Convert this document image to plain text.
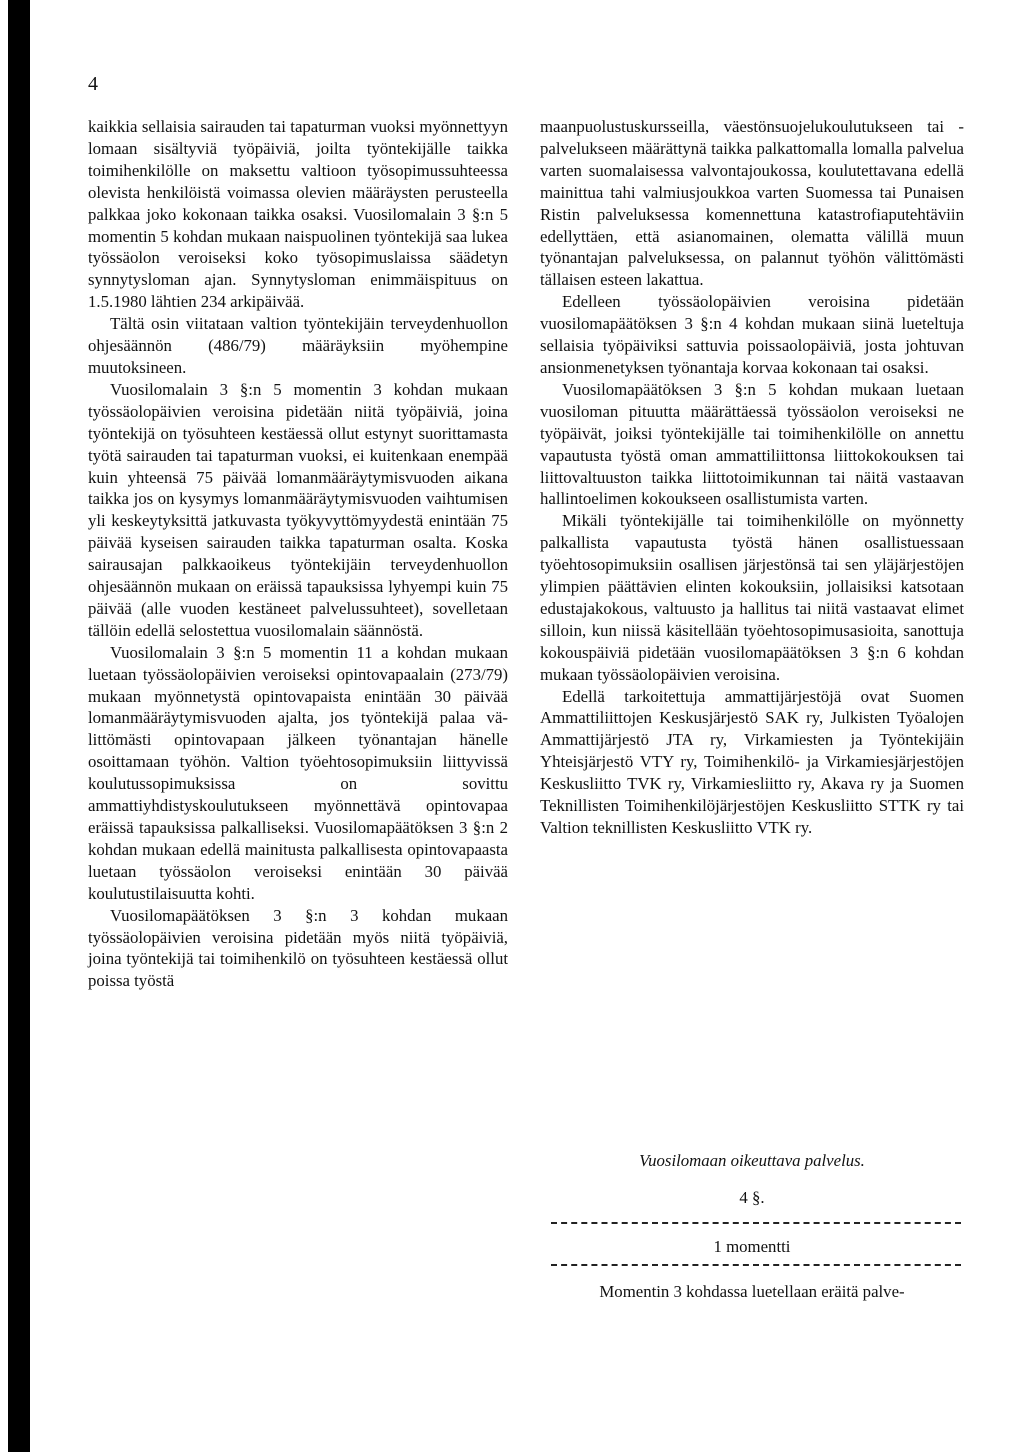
4

kaikkia sellaisia sairauden tai tapaturman vuoksi myönnettyyn lomaan sisältyviä työpäiviä, joilta työntekijälle taikka toimihenkilölle on maksettu valtioon työsopimussuhteessa olevista henkilöistä voimassa olevien määräysten perusteella palkkaa joko kokonaan taikka osaksi. Vuosilomalain 3 §:n 5 momentin 5 kohdan mukaan naispuolinen työntekijä saa lukea työssäolon veroiseksi koko työsopimuslaissa säädetyn synnytysloman ajan. Synnytysloman enimmäispituus on 1.5.1980 lähtien 234 arkipäivää.

Tältä osin viitataan valtion työntekijäin terveydenhuollon ohjesäännön (486/79) määräyksiin myöhempine muutoksineen.

Vuosilomalain 3 §:n 5 momentin 3 kohdan mukaan työssäolopäivien veroisina pidetään niitä työpäiviä, joina työntekijä on työsuhteen kestäessä ollut estynyt suorittamasta työtä sairauden tai tapaturman vuoksi, ei kuitenkaan enempää kuin yhteensä 75 päivää lomanmääräytymisvuoden aikana taikka jos on kysymys lomanmääräytymisvuoden vaihtumisen yli keskeytyksittä jatkuvasta työkyvyttömyydestä enintään 75 päivää kyseisen sairauden taikka tapaturman osalta. Koska sairausajan palkkaoikeus työntekijäin terveydenhuollon ohjesäännön mukaan on eräissä tapauksissa lyhyempi kuin 75 päivää (alle vuoden kestäneet palvelussuhteet), sovelletaan tällöin edellä selostettua vuosilomalain säännöstä.

Vuosilomalain 3 §:n 5 momentin 11 a kohdan mukaan luetaan työssäolopäivien veroiseksi opintovapaalain (273/79) mukaan myönnetystä opintovapaista enintään 30 päivää lomanmääräytymisvuoden ajalta, jos työntekijä palaa välittömästi opintovapaan jälkeen työnantajan hänelle osoittamaan työhön. Valtion työehtosopimuksiin liittyvissä koulutussopimuksissa on sovittu ammattiyhdistyskoulutukseen myönnettävä opintovapaa eräissä tapauksissa palkalliseksi. Vuosilomapäätöksen 3 §:n 2 kohdan mukaan edellä mainitusta palkallisesta opintovapaasta luetaan työssäolon veroiseksi enintään 30 päivää koulutustilaisuutta kohti.

Vuosilomapäätöksen 3 §:n 3 kohdan mukaan työssäolopäivien veroisina pidetään myös niitä työpäiviä, joina työntekijä tai toimihenkilö on työsuhteen kestäessä ollut poissa työstä

maanpuolustuskursseilla, väestönsuojelukoulutukseen tai -palvelukseen määrättynä taikka palkattomalla lomalla palvelua varten suomalaisessa valvontajoukossa, koulutettavana edellä mainittua tahi valmiusjoukkoa varten Suomessa tai Punaisen Ristin palveluksessa komennettuna katastrofiaputehtäviin edellyttäen, että asianomainen, olematta välillä muun työnantajan palveluksessa, on palannut työhön välittömästi tällaisen esteen lakattua.

Edelleen työssäolopäivien veroisina pidetään vuosilomapäätöksen 3 §:n 4 kohdan mukaan siinä lueteltuja sellaisia työpäiviksi sattuvia poissaolopäiviä, josta johtuvan ansionmenetyksen työnantaja korvaa kokonaan tai osaksi.

Vuosilomapäätöksen 3 §:n 5 kohdan mukaan luetaan vuosiloman pituutta määrättäessä työssäolon veroiseksi ne työpäivät, joiksi työntekijälle tai toimihenkilölle on annettu vapautusta työstä oman ammattiliittonsa liittokokouksen tai liittovaltuuston taikka liittotoimikunnan tai näitä vastaavan hallintoelimen kokoukseen osallistumista varten.

Mikäli työntekijälle tai toimihenkilölle on myönnetty palkallista vapautusta työstä hänen osallistuessaan työehtosopimuksiin osallisen järjestönsä tai sen yläjärjestöjen ylimpien päättävien elinten kokouksiin, jollaisiksi katsotaan edustajakokous, valtuusto ja hallitus tai niitä vastaavat elimet silloin, kun niissä käsitellään työehtosopimusasioita, sanottuja kokouspäiviä pidetään vuosilomapäätöksen 3 §:n 6 kohdan mukaan työssäolopäivien veroisina.

Edellä tarkoitettuja ammattijärjestöjä ovat Suomen Ammattiliittojen Keskusjärjestö SAK ry, Julkisten Työalojen Ammattijärjestö JTA ry, Virkamiesten ja Työntekijäin Yhteisjärjestö VTY ry, Toimihenkilö- ja Virkamiesjärjestöjen Keskusliitto TVK ry, Virkamiesliitto ry, Akava ry ja Suomen Teknillisten Toimihenkilöjärjestöjen Keskusliitto STTK ry tai Valtion teknillisten Keskusliitto VTK ry.

Vuosilomaan oikeuttava palvelus.
4 §.
1 momentti
Momentin 3 kohdassa luetellaan eräitä palve-
